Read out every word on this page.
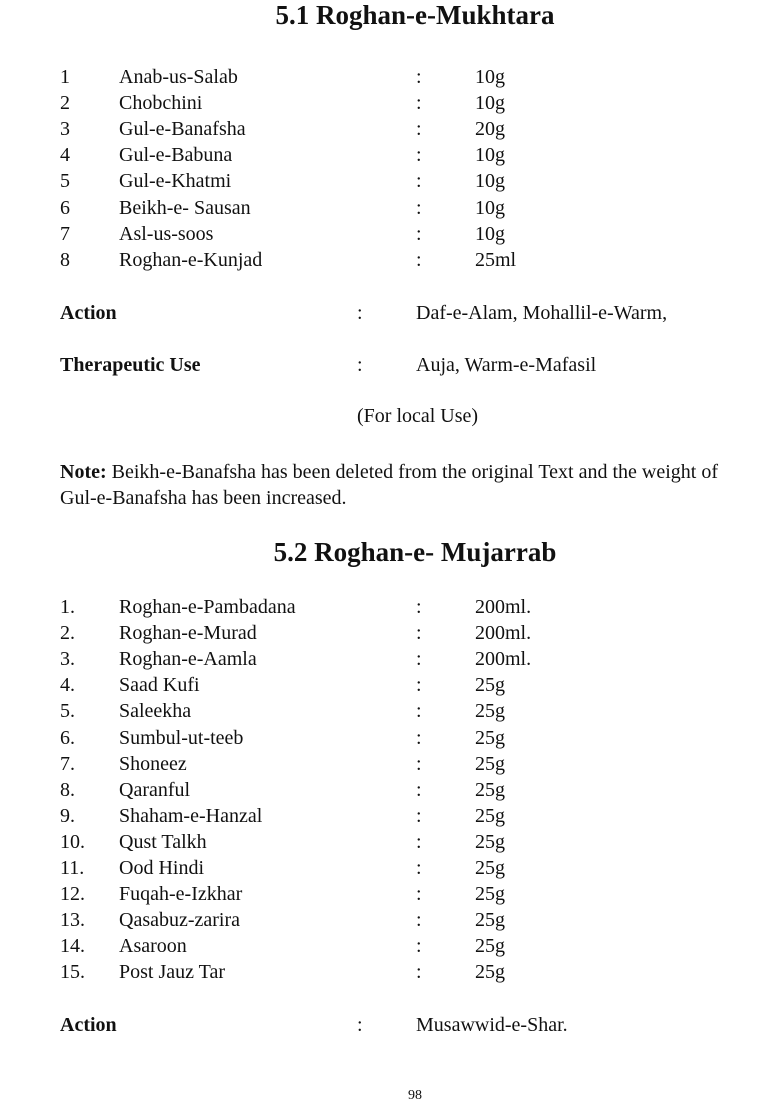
5.1 Roghan-e-Mukhtara
1 Anab-us-Salab	:	10g
2 Chobchini	:	10g
3 Gul-e-Banafsha	:	20g
4 Gul-e-Babuna	:	10g
5 Gul-e-Khatmi	:	10g
6 Beikh-e- Sausan	:	10g
7 Asl-us-soos	:	10g
8 Roghan-e-Kunjad	:	25ml
Action	:	Daf-e-Alam, Mohallil-e-Warm,
Therapeutic Use	:	Auja, Warm-e-Mafasil
(For local Use)
Note: Beikh-e-Banafsha has been deleted from the original Text and the weight of Gul-e-Banafsha has been increased.
5.2 Roghan-e- Mujarrab
1. Roghan-e-Pambadana	:	200ml.
2. Roghan-e-Murad	:	200ml.
3. Roghan-e-Aamla	:	200ml.
4. Saad Kufi	:	25g
5. Saleekha	:	25g
6. Sumbul-ut-teeb	:	25g
7. Shoneez	:	25g
8. Qaranful	:	25g
9. Shaham-e-Hanzal	:	25g
10. Qust Talkh	:	25g
11. Ood Hindi	:	25g
12. Fuqah-e-Izkhar	:	25g
13. Qasabuz-zarira	:	25g
14. Asaroon	:	25g
15. Post Jauz Tar	:	25g
Action	:	Musawwid-e-Shar.
98
